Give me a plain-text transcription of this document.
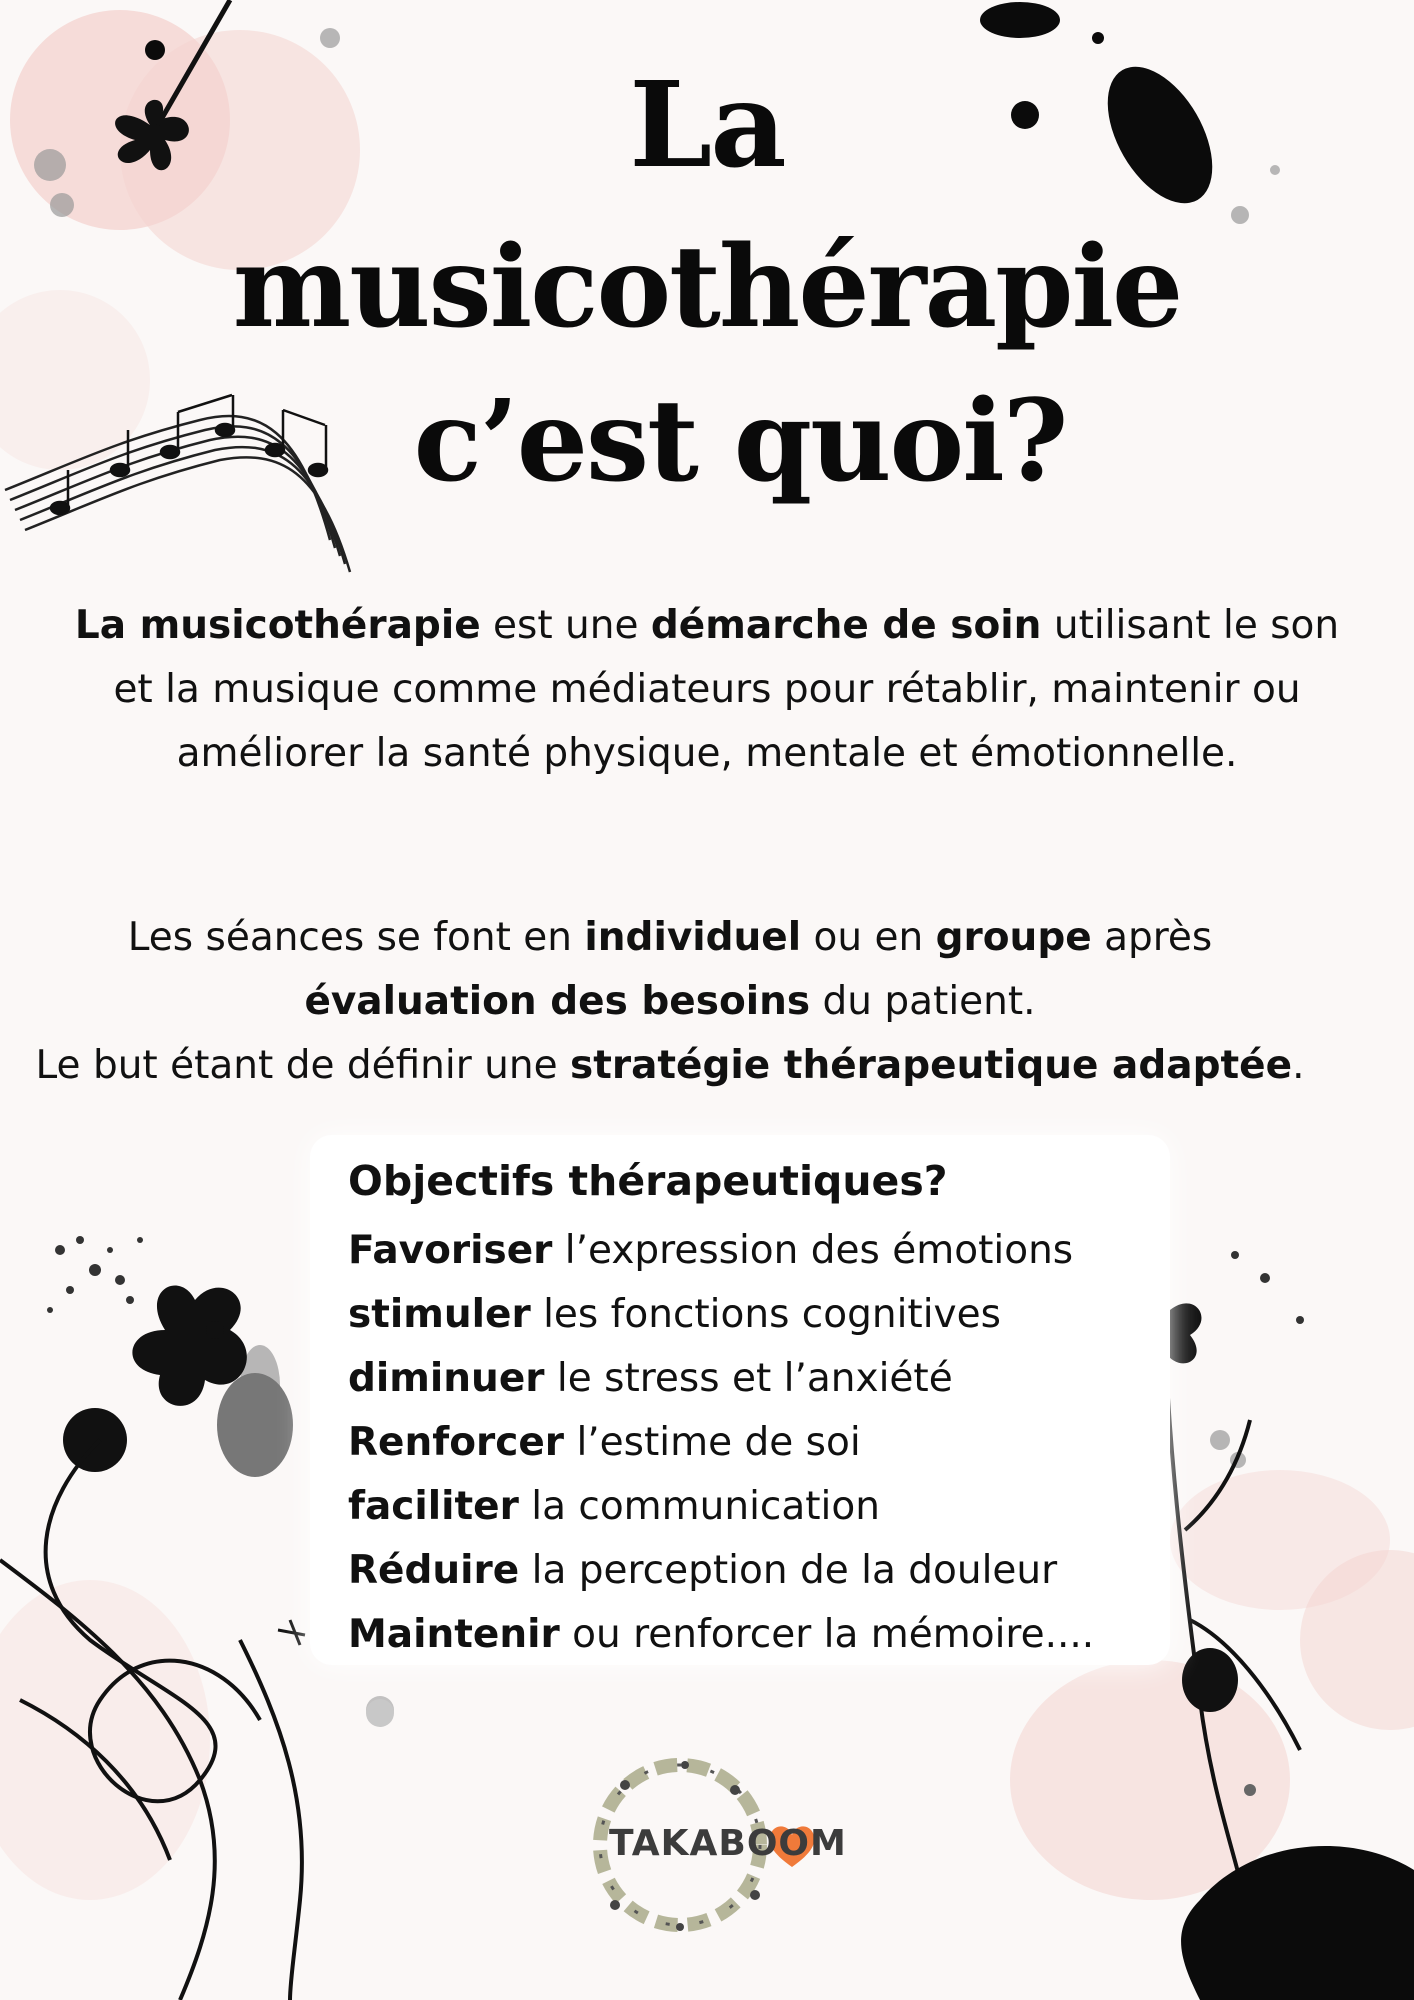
La
musicothérapie
c’est quoi?

La musicothérapie est une démarche de soin utilisant le son et la musique comme médiateurs pour rétablir, maintenir ou améliorer la santé physique, mentale et émotionnelle.

Les séances se font en individuel ou en groupe après
évaluation des besoins du patient.
Le but étant de définir une stratégie thérapeutique adaptée.

Objectifs thérapeutiques?
Favoriser l’expression des émotions
stimuler les fonctions cognitives
diminuer le stress et l’anxiété
Renforcer l’estime de soi
faciliter la communication
Réduire la perception de la douleur
Maintenir ou renforcer la mémoire....
TAKABOOM
